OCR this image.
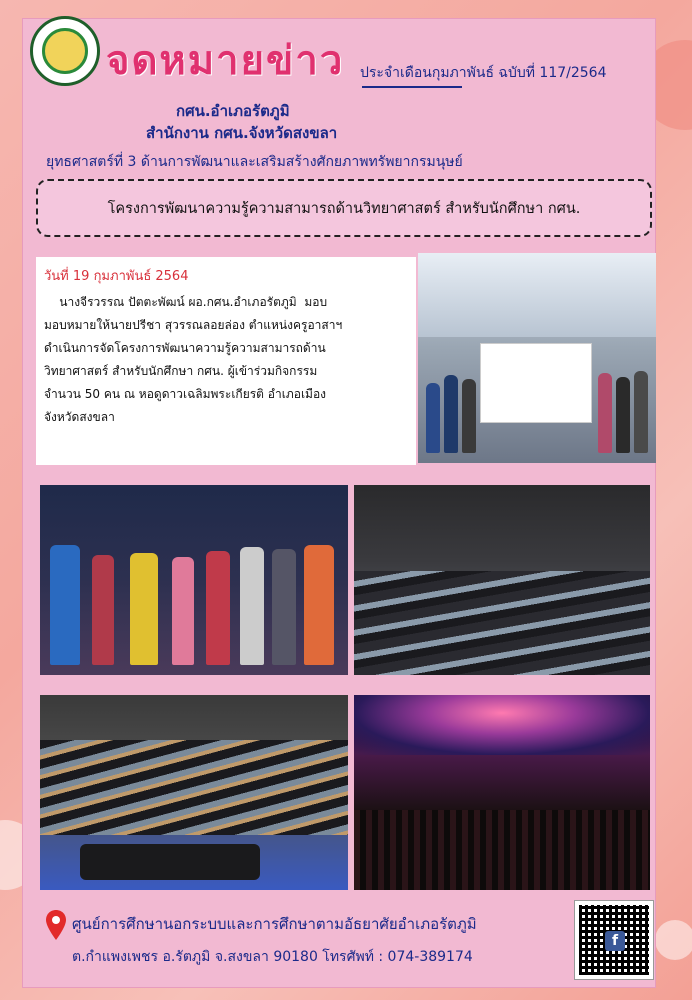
จดหมายข่าว ประจำเดือนกุมภาพันธ์ ฉบับที่ 117/2564
กศน.อำเภอรัตภูมิ
สำนักงาน กศน.จังหวัดสงขลา
ยุทธศาสตร์ที่ 3 ด้านการพัฒนาและเสริมสร้างศักยภาพทรัพยากรมนุษย์
โครงการพัฒนาความรู้ความสามารถด้านวิทยาศาสตร์ สำหรับนักศึกษา กศน.
วันที่ 19 กุมภาพันธ์ 2564
นางจีรวรรณ ปัตตะพัฒน์ ผอ.กศน.อำเภอรัตภูมิ  มอบ
มอบหมายให้นายปรีชา สุวรรณลอยล่อง ตำแหน่งครูอาสาฯ
ดำเนินการจัดโครงการพัฒนาความรู้ความสามารถด้าน
วิทยาศาสตร์ สำหรับนักศึกษา กศน. ผู้เข้าร่วมกิจกรรม
จำนวน 50 คน ณ หอดูดาวเฉลิมพระเกียรติ อำเภอเมือง
จังหวัดสงขลา
ศูนย์การศึกษานอกระบบและการศึกษาตามอัธยาศัยอำเภอรัตภูมิ
ต.กำแพงเพชร อ.รัตภูมิ จ.สงขลา 90180 โทรศัพท์ : 074-389174
f
